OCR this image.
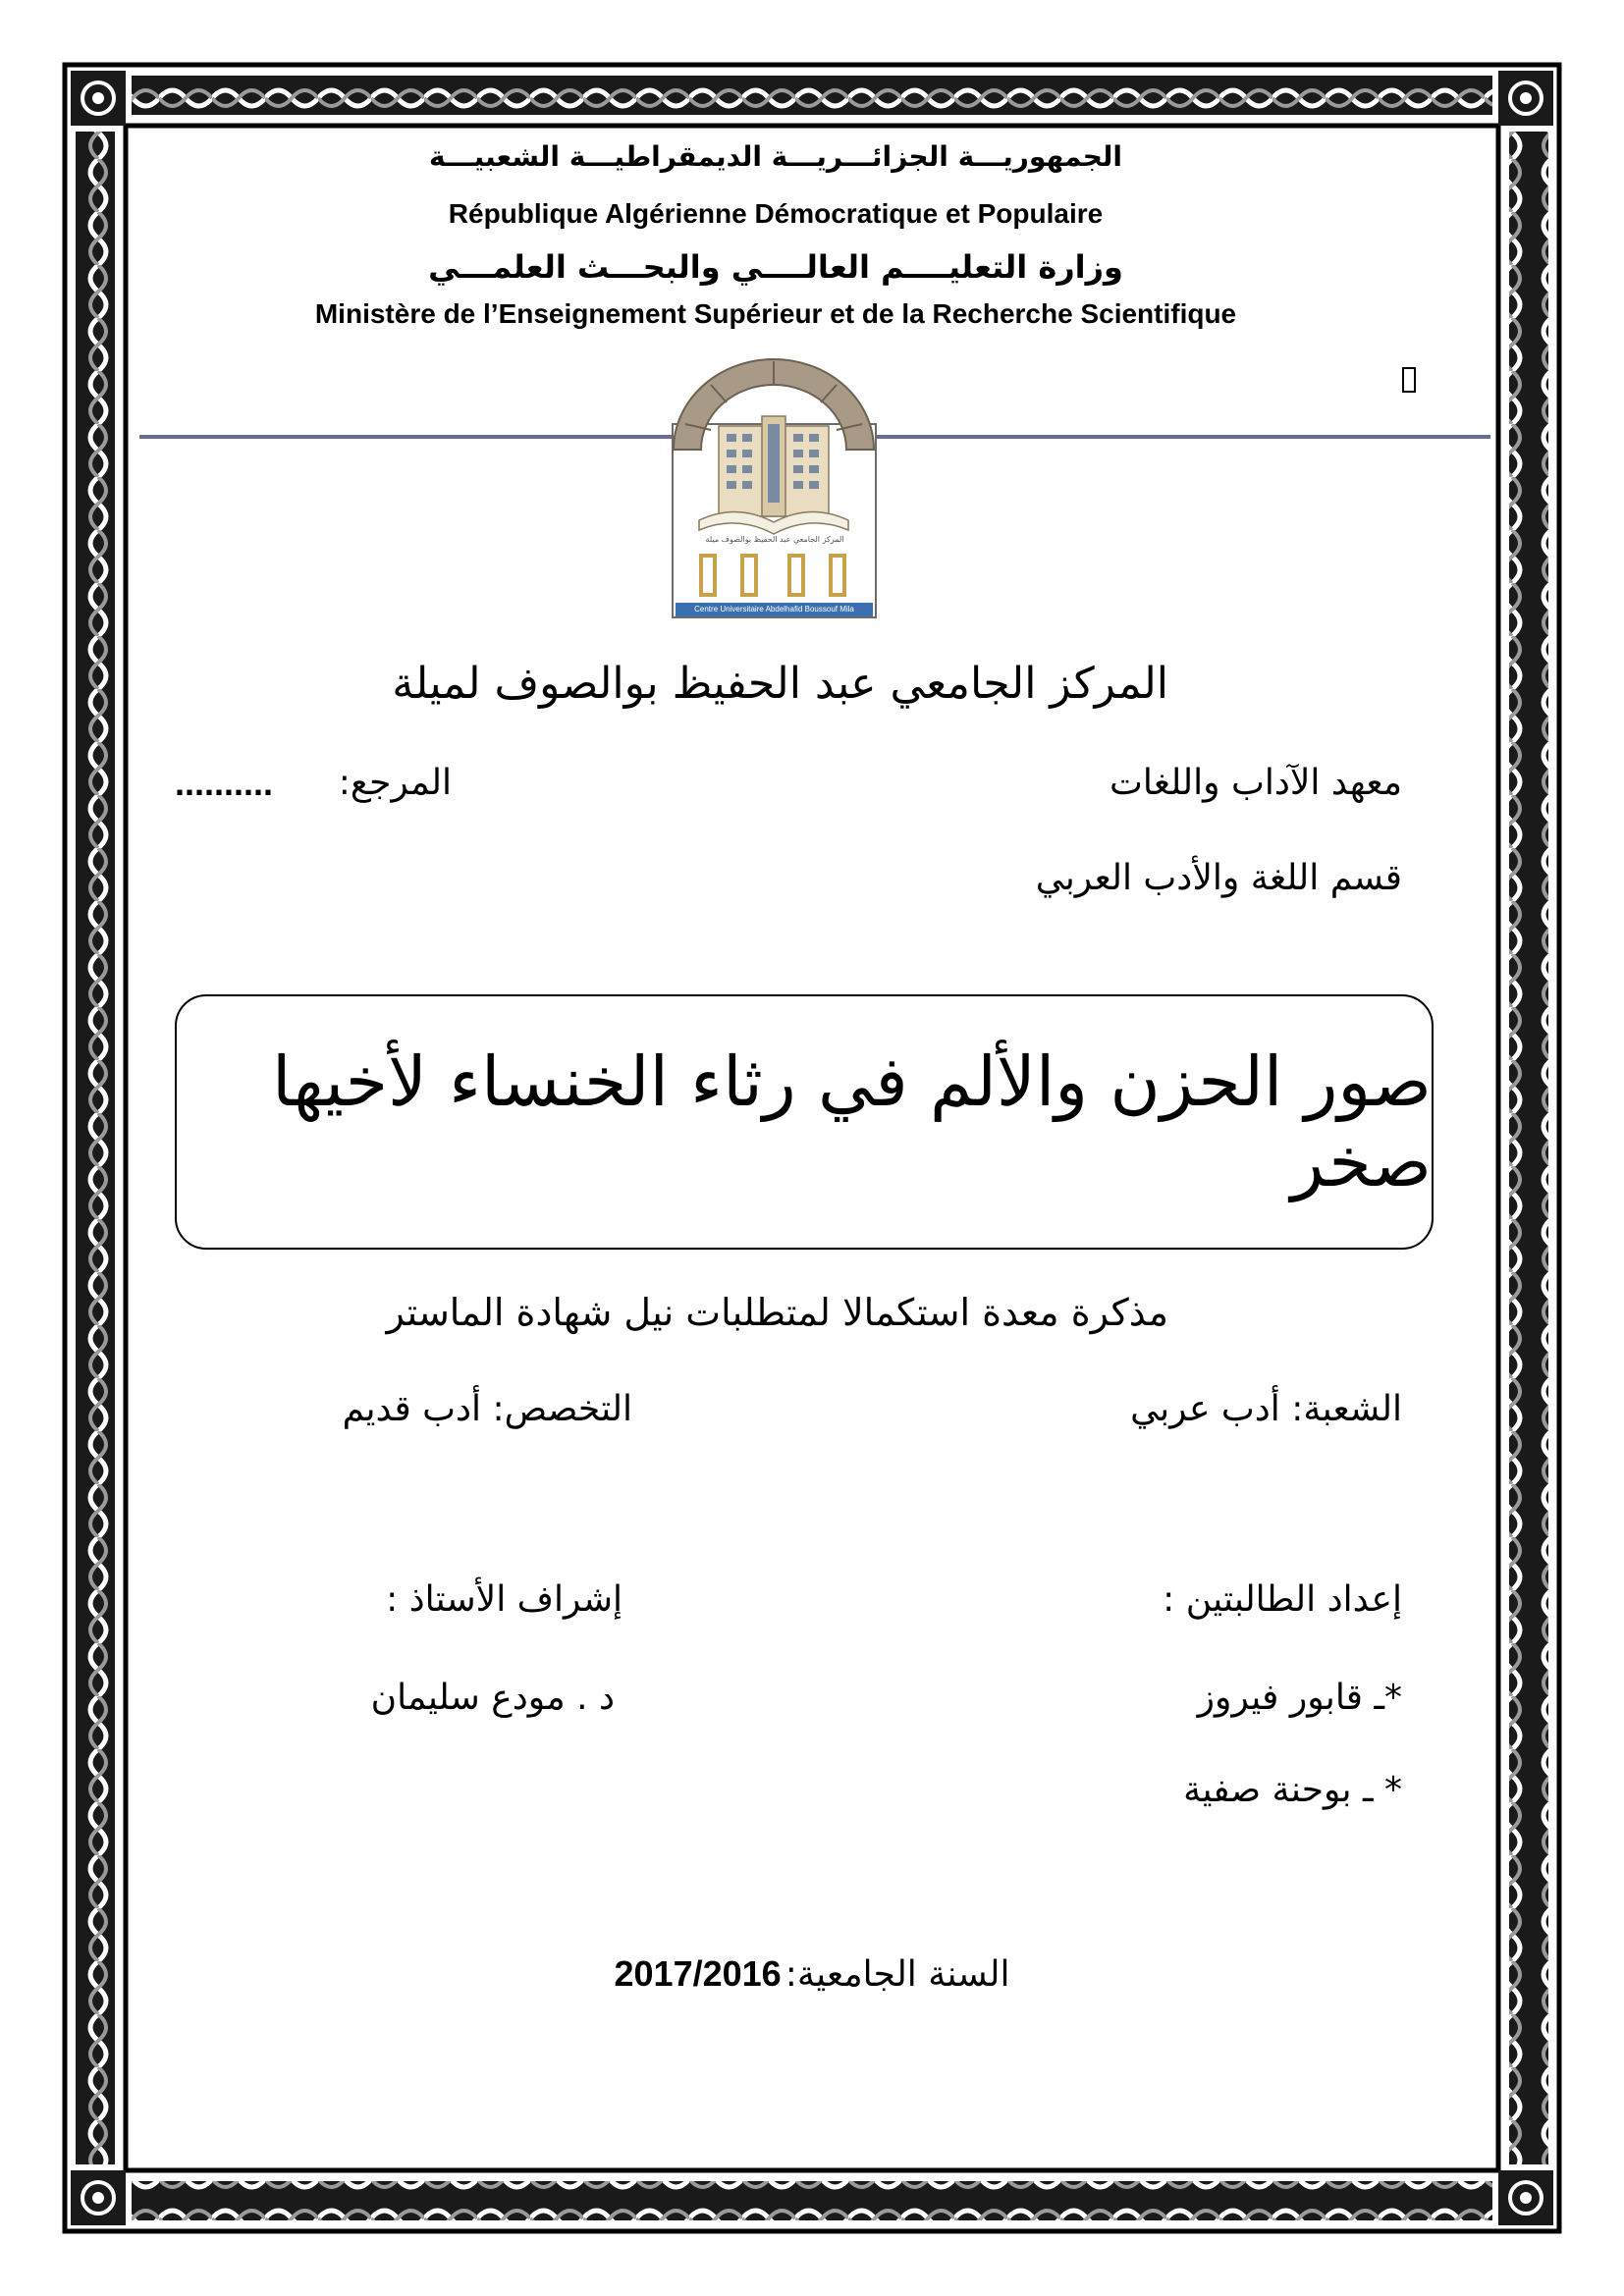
الجمهوريـــة الجزائـــريـــة الديمقراطيـــة الشعبيـــة
République Algérienne Démocratique et Populaire
وزارة التعليــــم العالــــي والبحـــث العلمـــي
Ministère de l’Enseignement Supérieur et de la Recherche Scientifique
المركز الجامعي عبد الحفيظ بوالصوف ميلة
Centre Universitaire Abdelhafid Boussouf Mila
المركز الجامعي عبد الحفيظ بوالصوف لميلة
معهد الآداب واللغات
المرجع:
..........
قسم اللغة والأدب العربي
صور الحزن والألم في رثاء الخنساء لأخيها صخر
مذكرة معدة استكمالا لمتطلبات نيل شهادة الماستر
الشعبة: أدب عربي
التخصص: أدب قديم
إعداد الطالبتين :
إشراف الأستاذ :
*ـ قابور فيروز
د . مودع سليمان
* ـ بوحنة صفية
السنة الجامعية:
2017/2016
